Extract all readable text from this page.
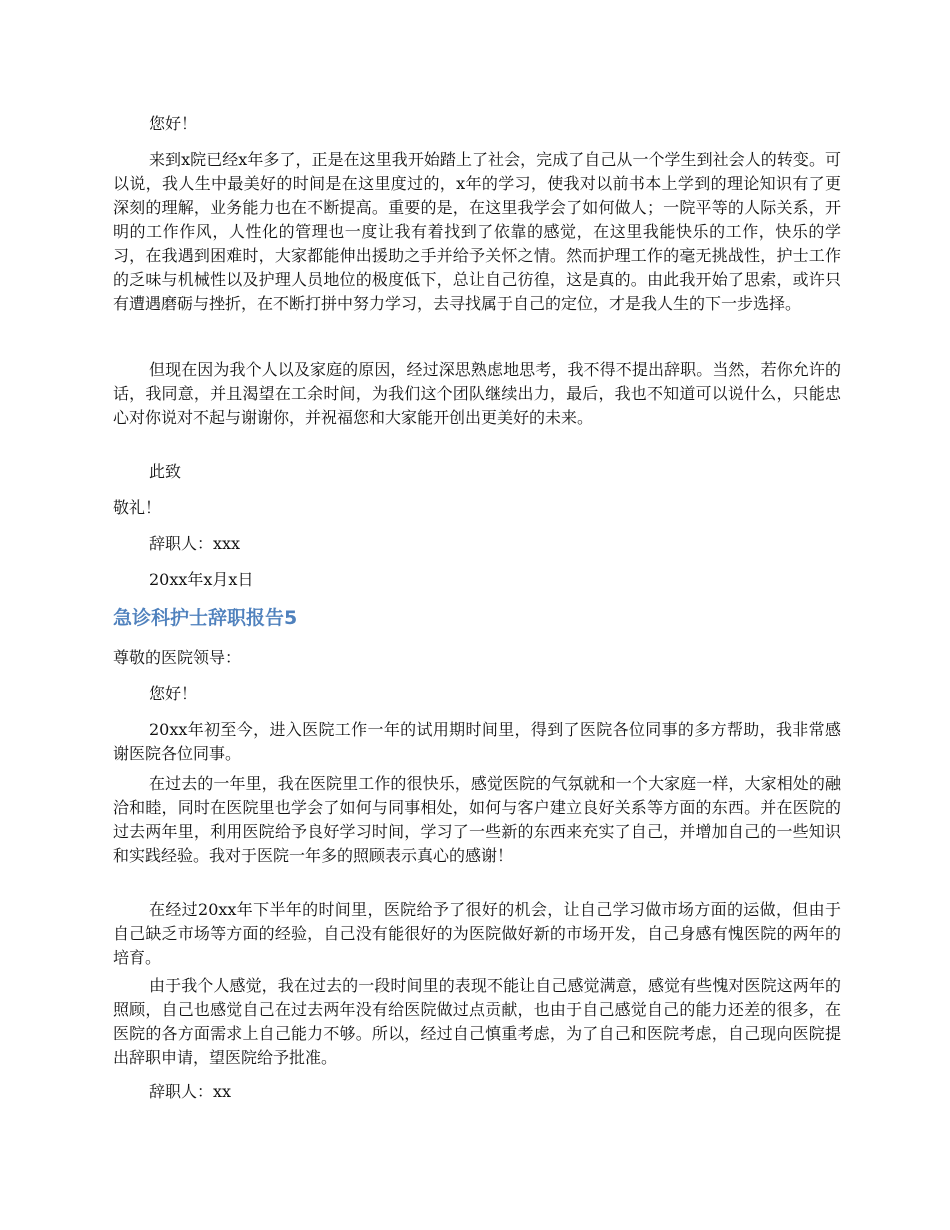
您好！

来到x院已经x年多了，正是在这里我开始踏上了社会，完成了自己从一个学生到社会人的转变。可以说，我人生中最美好的时间是在这里度过的，x年的学习，使我对以前书本上学到的理论知识有了更深刻的理解，业务能力也在不断提高。重要的是，在这里我学会了如何做人；一院平等的人际关系，开明的工作作风，人性化的管理也一度让我有着找到了依靠的感觉，在这里我能快乐的工作，快乐的学习，在我遇到困难时，大家都能伸出援助之手并给予关怀之情。然而护理工作的毫无挑战性，护士工作的乏味与机械性以及护理人员地位的极度低下，总让自己彷徨，这是真的。由此我开始了思索，或许只有遭遇磨砺与挫折，在不断打拼中努力学习，去寻找属于自己的定位，才是我人生的下一步选择。

但现在因为我个人以及家庭的原因，经过深思熟虑地思考，我不得不提出辞职。当然，若你允许的话，我同意，并且渴望在工余时间，为我们这个团队继续出力，最后，我也不知道可以说什么，只能忠心对你说对不起与谢谢你，并祝福您和大家能开创出更美好的未来。

此致

敬礼！

辞职人：xxx

20xx年x月x日

急诊科护士辞职报告5

尊敬的医院领导：

您好！

20xx年初至今，进入医院工作一年的试用期时间里，得到了医院各位同事的多方帮助，我非常感谢医院各位同事。

在过去的一年里，我在医院里工作的很快乐，感觉医院的气氛就和一个大家庭一样，大家相处的融洽和睦，同时在医院里也学会了如何与同事相处，如何与客户建立良好关系等方面的东西。并在医院的过去两年里，利用医院给予良好学习时间，学习了一些新的东西来充实了自己，并增加自己的一些知识和实践经验。我对于医院一年多的照顾表示真心的感谢！

在经过20xx年下半年的时间里，医院给予了很好的机会，让自己学习做市场方面的运做，但由于自己缺乏市场等方面的经验，自己没有能很好的为医院做好新的市场开发，自己身感有愧医院的两年的培育。

由于我个人感觉，我在过去的一段时间里的表现不能让自己感觉满意，感觉有些愧对医院这两年的照顾，自己也感觉自己在过去两年没有给医院做过点贡献，也由于自己感觉自己的能力还差的很多，在医院的各方面需求上自己能力不够。所以，经过自己慎重考虑，为了自己和医院考虑，自己现向医院提出辞职申请，望医院给予批准。

辞职人：xx
